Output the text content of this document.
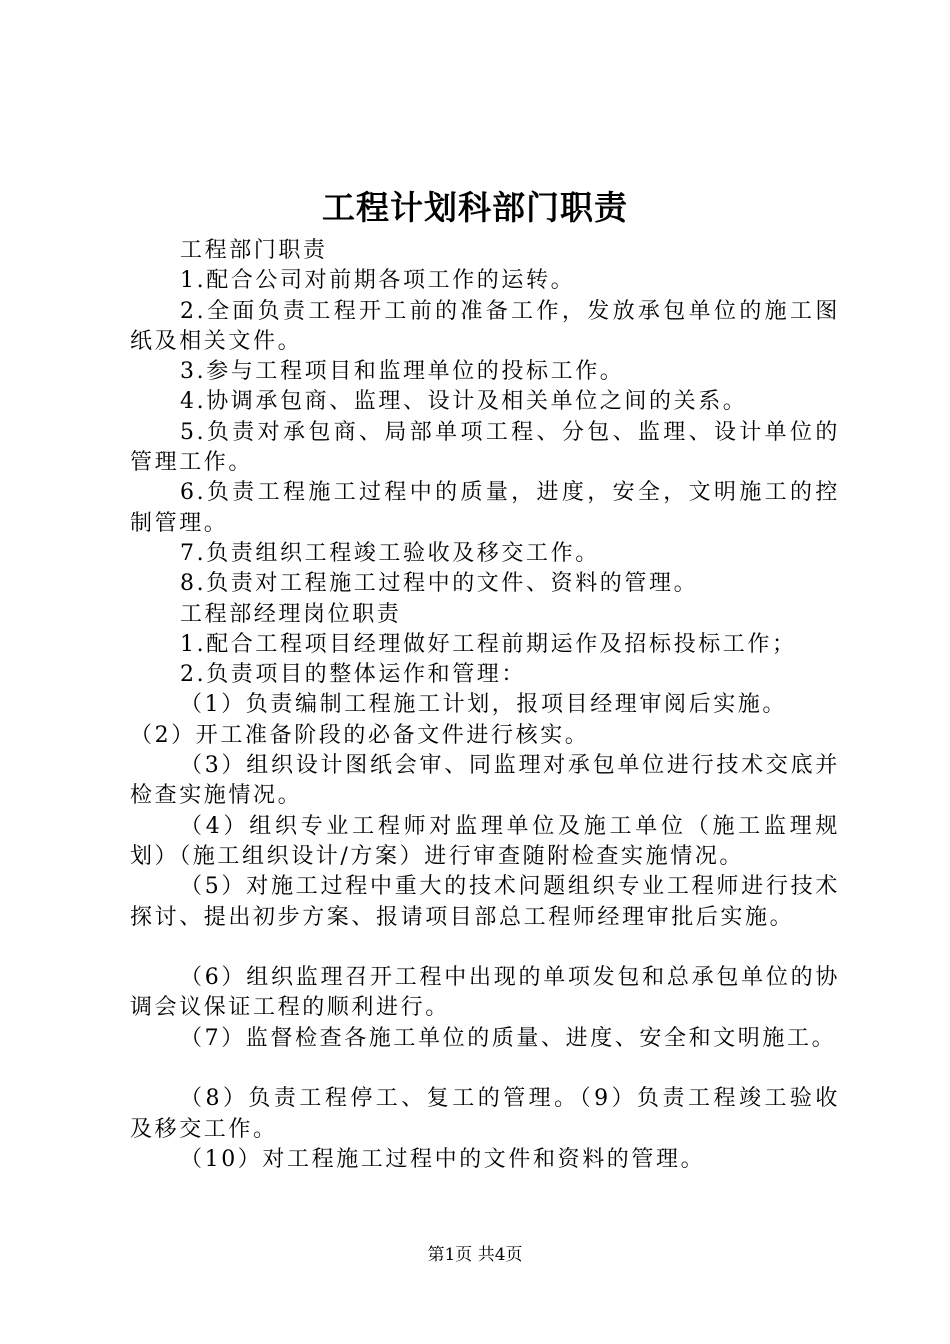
工程计划科部门职责

工程部门职责

1.配合公司对前期各项工作的运转。

2.全面负责工程开工前的准备工作，发放承包单位的施工图纸及相关文件。

3.参与工程项目和监理单位的投标工作。

4.协调承包商、监理、设计及相关单位之间的关系。

5.负责对承包商、局部单项工程、分包、监理、设计单位的管理工作。

6.负责工程施工过程中的质量，进度，安全，文明施工的控制管理。

7.负责组织工程竣工验收及移交工作。

8.负责对工程施工过程中的文件、资料的管理。

工程部经理岗位职责

1.配合工程项目经理做好工程前期运作及招标投标工作；

2.负责项目的整体运作和管理：

（1）负责编制工程施工计划，报项目经理审阅后实施。

（2）开工准备阶段的必备文件进行核实。

（3）组织设计图纸会审、同监理对承包单位进行技术交底并检查实施情况。

（4）组织专业工程师对监理单位及施工单位（施工监理规划）（施工组织设计/方案）进行审查随附检查实施情况。

（5）对施工过程中重大的技术问题组织专业工程师进行技术探讨、提出初步方案、报请项目部总工程师经理审批后实施。

（6）组织监理召开工程中出现的单项发包和总承包单位的协调会议保证工程的顺利进行。

（7）监督检查各施工单位的质量、进度、安全和文明施工。

（8）负责工程停工、复工的管理。（9）负责工程竣工验收及移交工作。

（10）对工程施工过程中的文件和资料的管理。

第1页 共4页
